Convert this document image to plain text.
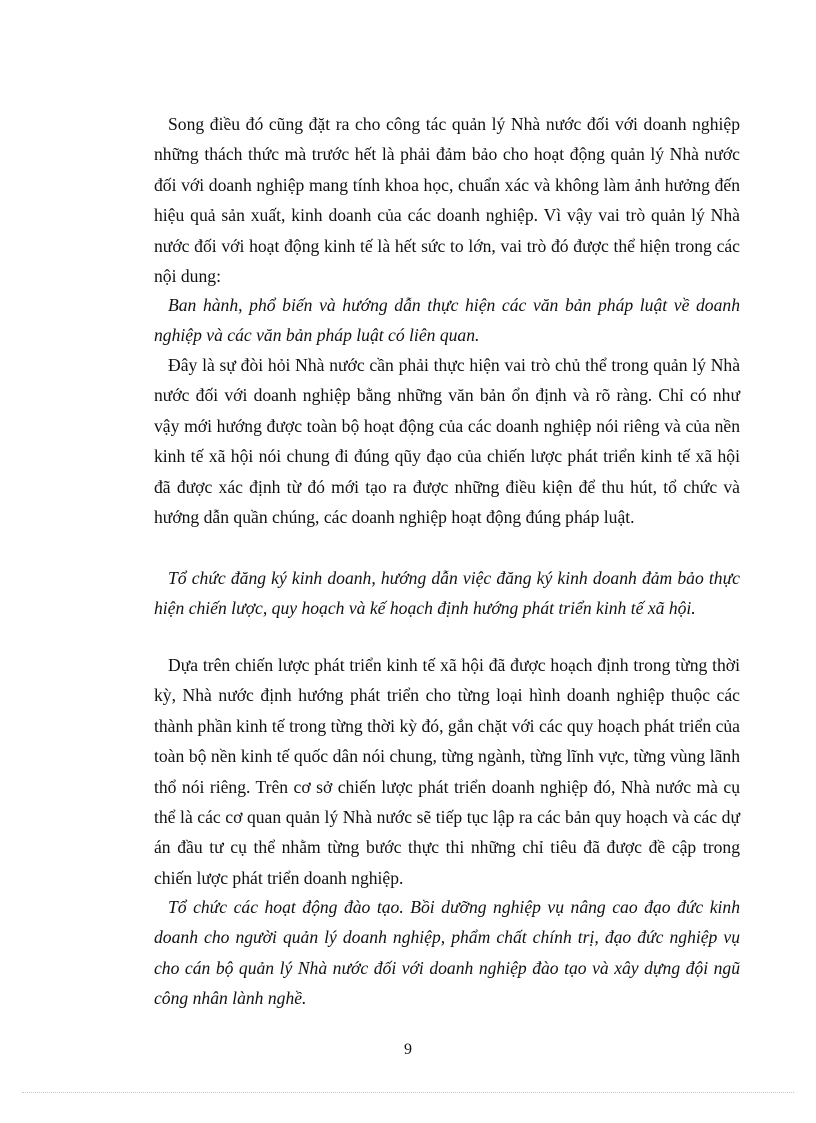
Song điều đó cũng đặt ra cho công tác quản lý Nhà nước đối với doanh nghiệp những thách thức mà trước hết là phải đảm bảo cho hoạt động quản lý Nhà nước đối với doanh nghiệp mang tính khoa học, chuẩn xác và không làm ảnh hưởng đến hiệu quả sản xuất, kinh doanh của các doanh nghiệp. Vì vậy vai trò quản lý Nhà nước đối với hoạt động kinh tế là hết sức to lớn, vai trò đó được thể hiện trong các nội dung:

Ban hành, phổ biến và hướng dẫn thực hiện các văn bản pháp luật về doanh nghiệp và các văn bản pháp luật có liên quan.

Đây là sự đòi hỏi Nhà nước cần phải thực hiện vai trò chủ thể trong quản lý Nhà nước đối với doanh nghiệp bằng những văn bản ổn định và rõ ràng. Chỉ có như vậy mới hướng được toàn bộ hoạt động của các doanh nghiệp nói riêng và của nền kinh tế xã hội nói chung đi đúng qũy đạo của chiến lược phát triển kinh tế xã hội đã được xác định từ đó mới tạo ra được những điều kiện để thu hút, tổ chức và hướng dẫn quần chúng, các doanh nghiệp hoạt động đúng pháp luật.

Tổ chức đăng ký kinh doanh, hướng dẫn việc đăng ký kinh doanh đảm bảo thực hiện chiến lược, quy hoạch và kế hoạch định hướng phát triển kinh tế xã hội.

Dựa trên chiến lược phát triển kinh tế xã hội đã được hoạch định trong từng thời kỳ, Nhà nước định hướng phát triển cho từng loại hình doanh nghiệp thuộc các thành phần kinh tế trong từng thời kỳ đó, gắn chặt với các quy hoạch phát triển của toàn bộ nền kinh tế quốc dân nói chung, từng ngành, từng lĩnh vực, từng vùng lãnh thổ nói riêng. Trên cơ sở chiến lược phát triển doanh nghiệp đó, Nhà nước mà cụ thể là các cơ quan quản lý Nhà nước sẽ tiếp tục lập ra các bản quy hoạch và các dự án đầu tư cụ thể nhằm từng bước thực thi những chỉ tiêu đã được đề cập trong chiến lược phát triển doanh nghiệp.

Tổ chức các hoạt động đào tạo. Bồi dưỡng nghiệp vụ nâng cao đạo đức kinh doanh cho người quản lý doanh nghiệp, phẩm chất chính trị, đạo đức nghiệp vụ cho cán bộ quản lý Nhà nước đối với doanh nghiệp đào tạo và xây dựng đội ngũ công nhân lành nghề.

9
